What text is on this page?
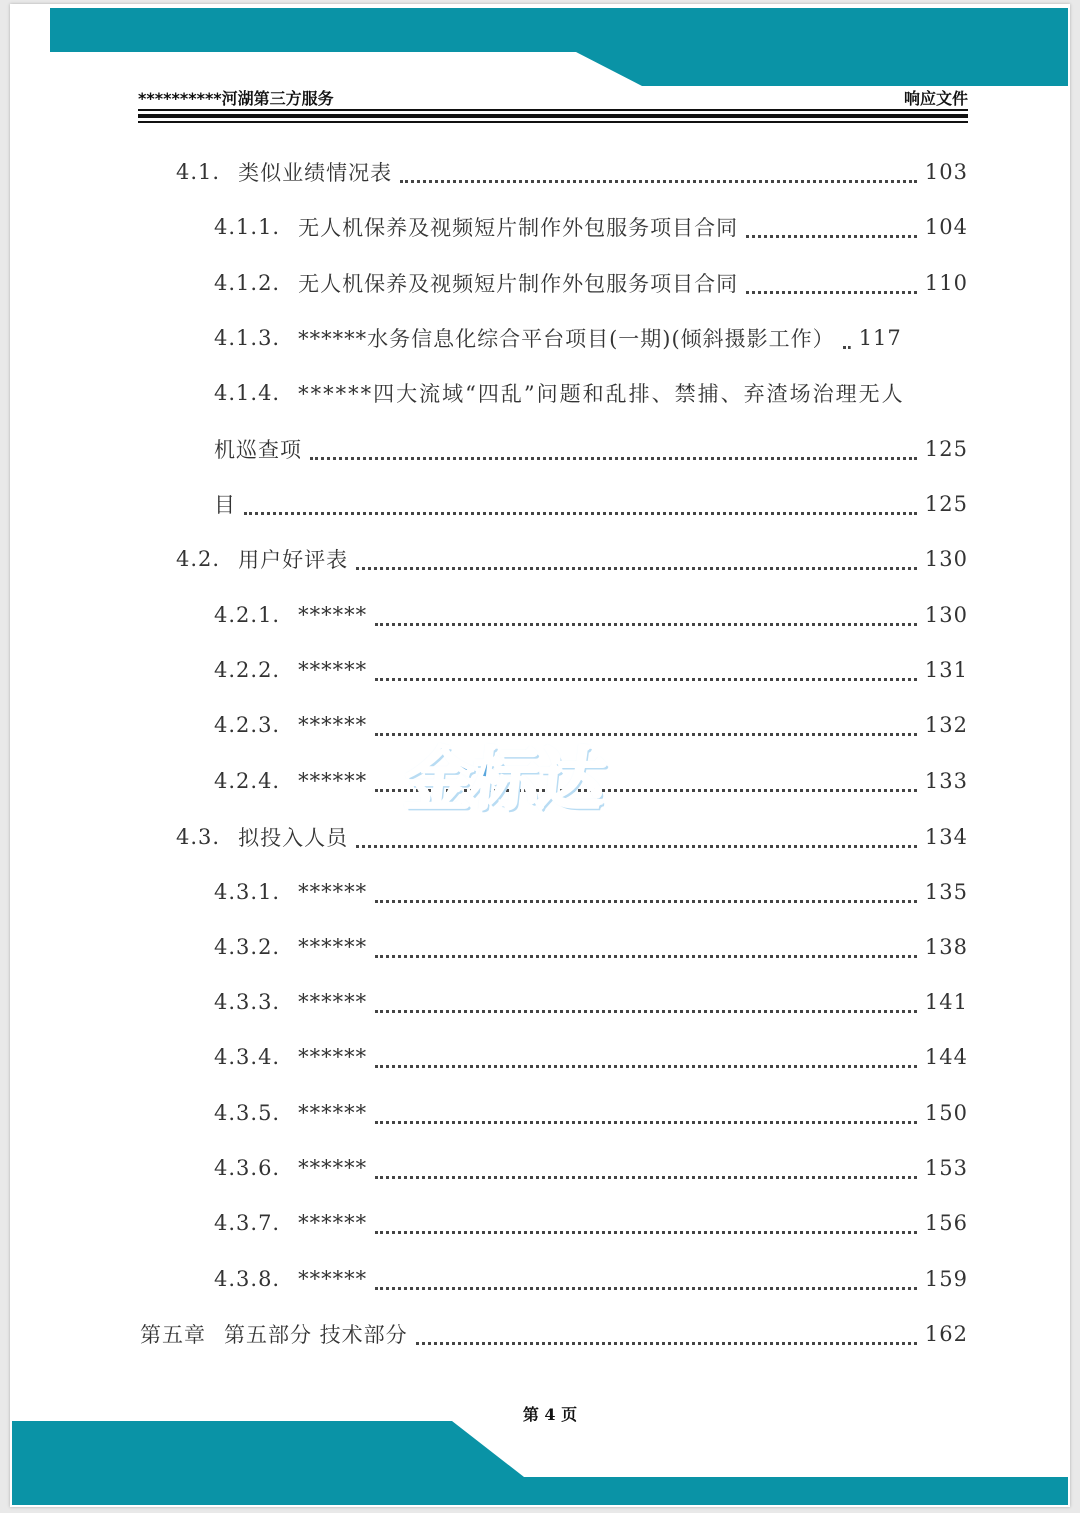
**********河湖第三方服务	响应文件
4.1. 类似业绩情况表	103
4.1.1. 无人机保养及视频短片制作外包服务项目合同	104
4.1.2. 无人机保养及视频短片制作外包服务项目合同	110
4.1.3. ******水务信息化综合平台项目(一期)(倾斜摄影工作） 117
4.1.4. ******四大流域“四乱”问题和乱排、禁捕、弃渣场治理无人
机巡查项	125
目	125
4.2. 用户好评表	130
4.2.1. ******	130
4.2.2. ******	131
4.2.3. ******	132
4.2.4. ******	133
4.3. 拟投入人员	134
4.3.1. ******	135
4.3.2. ******	138
4.3.3. ******	141
4.3.4. ******	144
4.3.5. ******	150
4.3.6. ******	153
4.3.7. ******	156
4.3.8. ******	159
第五章 第五部分 技术部分	162
第 4 页
金标达
